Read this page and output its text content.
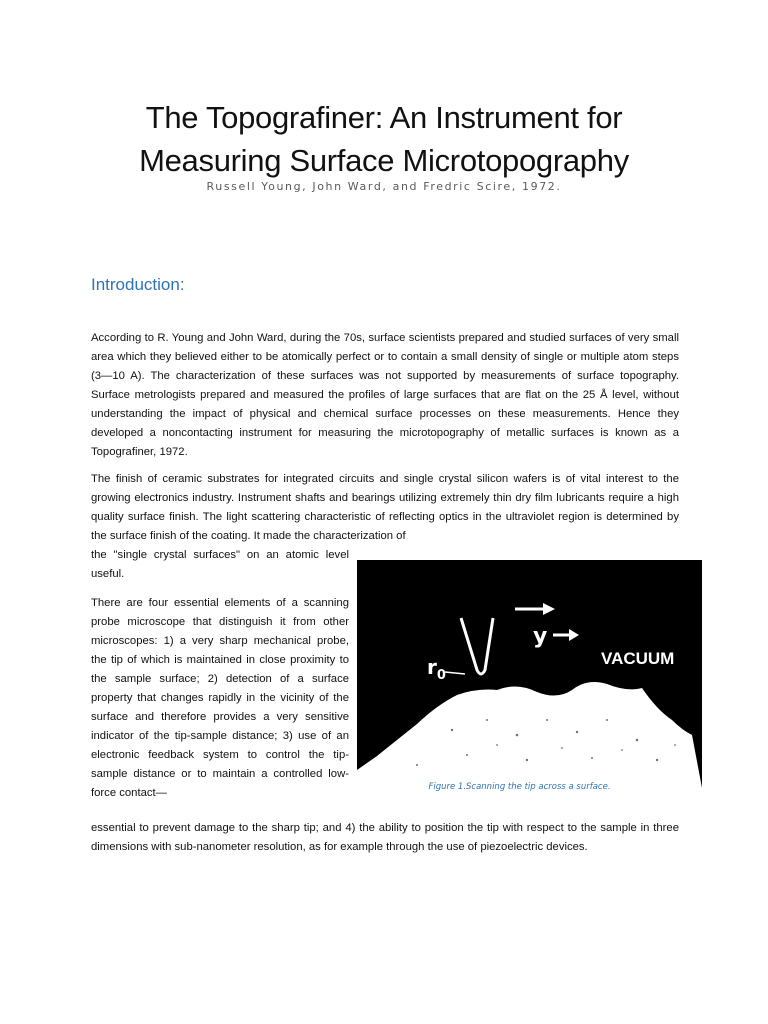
The Topografiner: An Instrument for
Measuring Surface Microtopography
Russell Young, John Ward, and Fredric Scire, 1972.
Introduction:

According to R. Young and John Ward, during the 70s, surface scientists prepared and studied surfaces of very small area which they believed either to be atomically perfect or to contain a small density of single or multiple atom steps (3—10 A). The characterization of these surfaces was not supported by measurements of surface topography. Surface metrologists prepared and measured the profiles of large surfaces that are flat on the 25 Å level, without understanding the impact of physical and chemical surface processes on these measurements. Hence they developed a noncontacting instrument for measuring the microtopography of metallic surfaces is known as a Topografiner, 1972.

The finish of ceramic substrates for integrated circuits and single crystal silicon wafers is of vital interest to the growing electronics industry. Instrument shafts and bearings utilizing extremely thin dry film lubricants require a high quality surface finish. The light scattering characteristic of reflecting optics in the ultraviolet region is determined by the surface finish of the coating. It made the characterization of

the "single crystal surfaces" on an atomic level useful.

There are four essential elements of a scanning probe microscope that distinguish it from other microscopes: 1) a very sharp mechanical probe, the tip of which is maintained in close proximity to the sample surface; 2) detection of a surface property that changes rapidly in the vicinity of the surface and therefore provides a very sensitive indicator of the tip-sample distance; 3) use of an electronic feedback system to control the tip-sample distance or to maintain a controlled low-force contact—

essential to prevent damage to the sharp tip; and 4) the ability to position the tip with respect to the sample in three dimensions with sub-nanometer resolution, as for example through the use of piezoelectric devices.

y
$r_0$
VACUUM
Figure 1.Scanning the tip across a surface.
